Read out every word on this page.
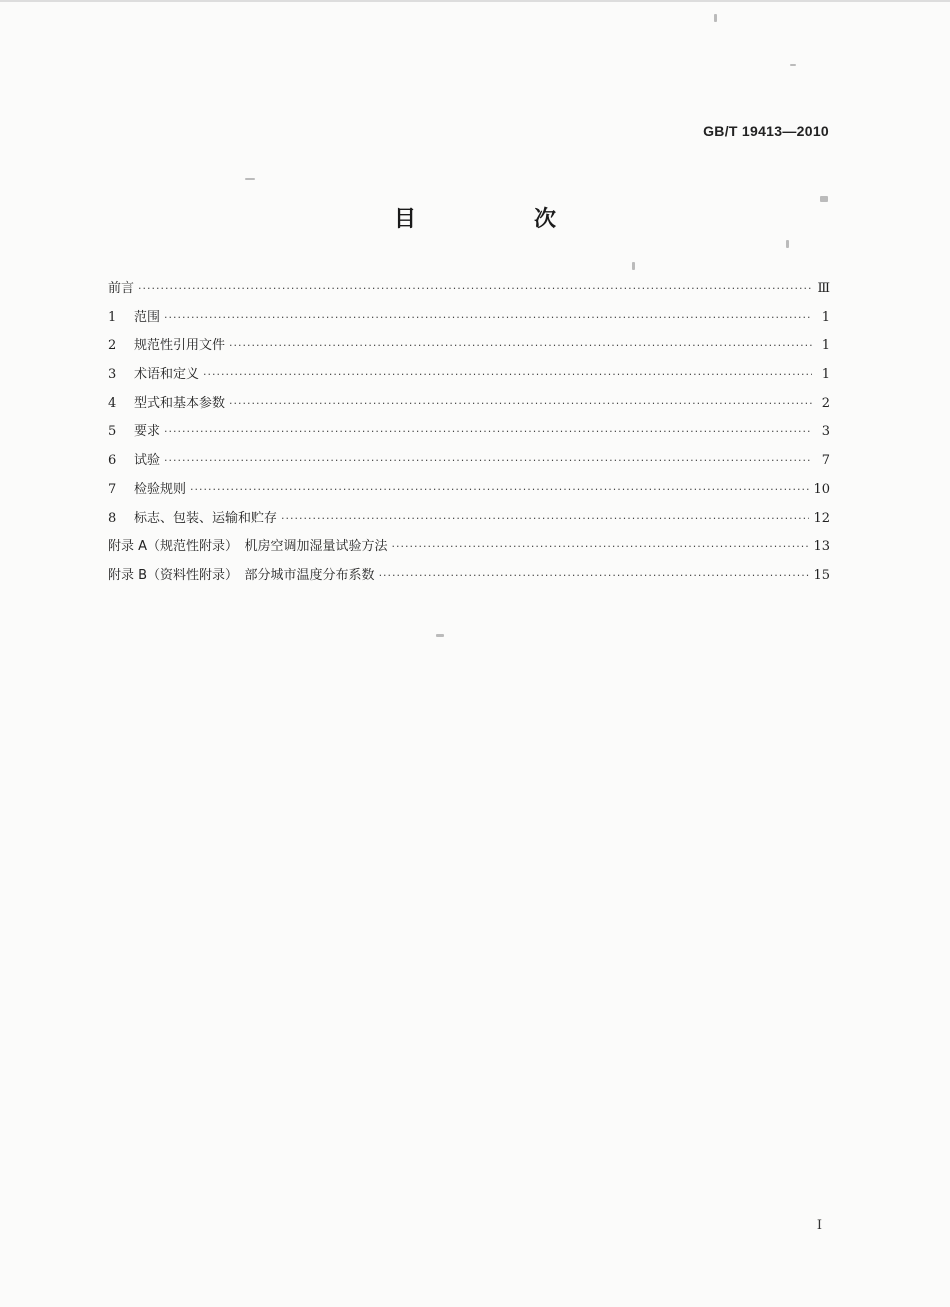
GB/T 19413—2010
目　次
前言 ·····	Ⅲ
1	范围 ·····	1
2	规范性引用文件 ·····	1
3	术语和定义 ·····	1
4	型式和基本参数 ·····	2
5	要求 ·····	3
6	试验 ·····	7
7	检验规则 ·····	10
8	标志、包装、运输和贮存 ·····	12
附录 A（规范性附录）　机房空调加湿量试验方法 ·····	13
附录 B（资料性附录）　部分城市温度分布系数 ·····	15
I
